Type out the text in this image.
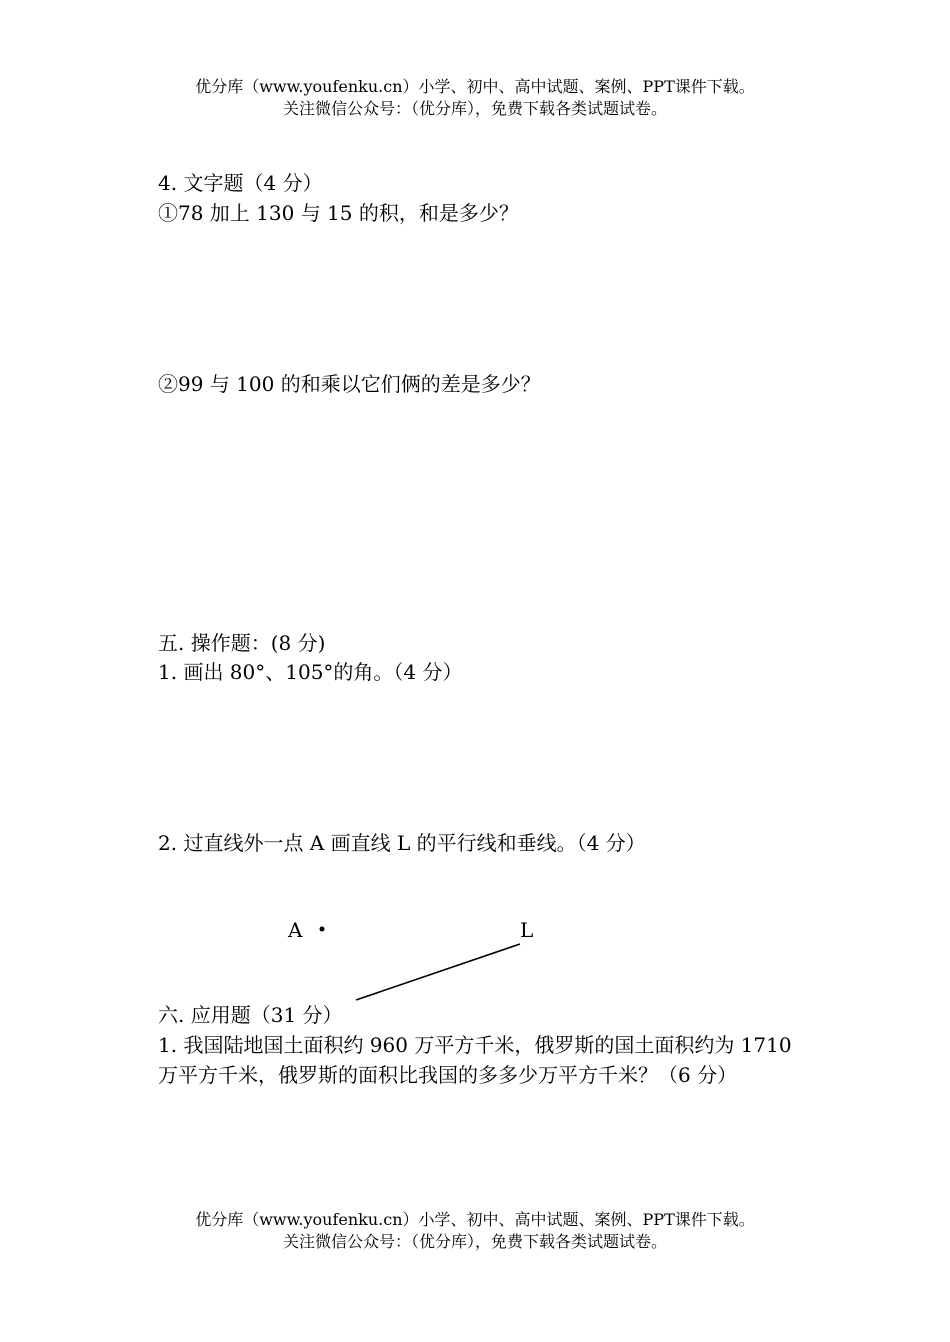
优分库（www.youfenku.cn）小学、初中、高中试题、案例、PPT课件下载。
关注微信公众号：（优分库），免费下载各类试题试卷。
4. 文字题（4 分）
①78 加上 130 与 15 的积，和是多少？
②99 与 100 的和乘以它们俩的差是多少？
五. 操作题：(8 分)
1. 画出 80°、105°的角。（4 分）
2. 过直线外一点 A 画直线 L 的平行线和垂线。（4 分）
A	L
六. 应用题（31 分）
1. 我国陆地国土面积约 960 万平方千米，俄罗斯的国土面积约为 1710 万平方千米，俄罗斯的面积比我国的多多少万平方千米？（6 分）
优分库（www.youfenku.cn）小学、初中、高中试题、案例、PPT课件下载。
关注微信公众号：（优分库），免费下载各类试题试卷。
